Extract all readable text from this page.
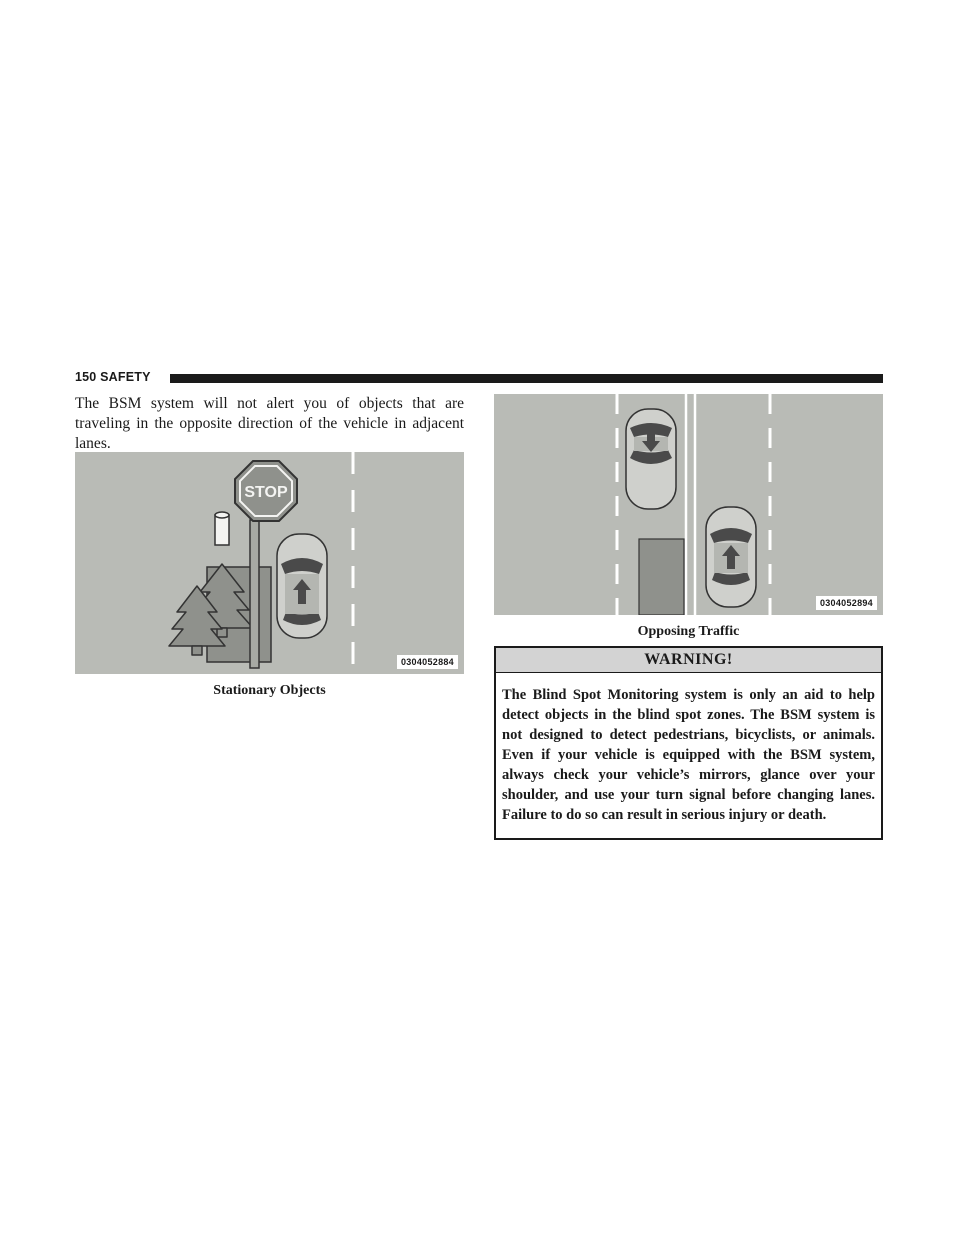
150 SAFETY

The BSM system will not alert you of objects that are traveling in the opposite direction of the vehicle in adjacent lanes.

STOP
0304052884
Stationary Objects
0304052894
Opposing Traffic
WARNING!
The Blind Spot Monitoring system is only an aid to help detect objects in the blind spot zones. The BSM system is not designed to detect pedestrians, bicyclists, or animals. Even if your vehicle is equipped with the BSM system, always check your vehicle’s mirrors, glance over your shoulder, and use your turn signal before changing lanes. Failure to do so can result in serious injury or death.
